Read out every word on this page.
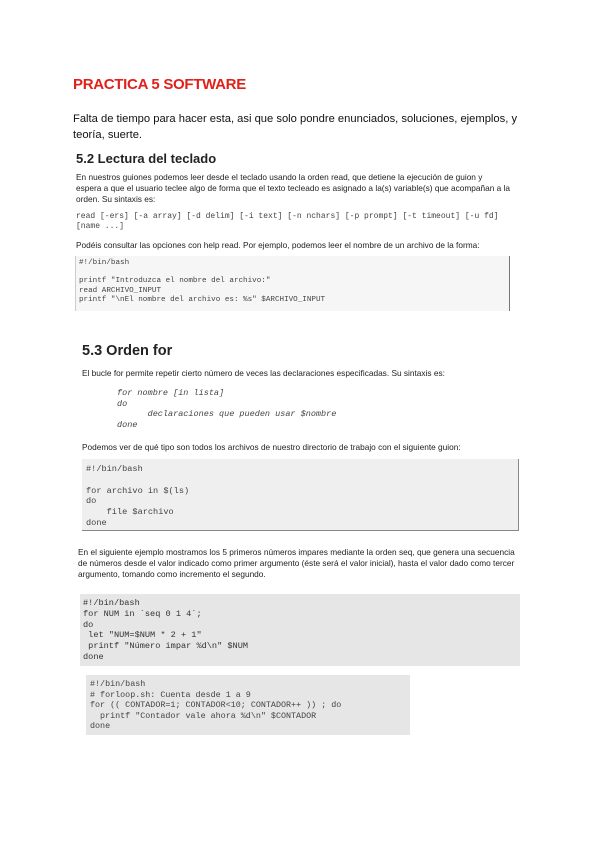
PRACTICA 5 SOFTWARE
Falta de tiempo para hacer esta, asi que solo pondre enunciados, soluciones, ejemplos, y teoría, suerte.
5.2 Lectura del teclado
En nuestros guiones podemos leer desde el teclado usando la orden read, que detiene la ejecución de guion y espera a que el usuario teclee algo de forma que el texto tecleado es asignado a la(s) variable(s) que acompañan a la orden. Su sintaxis es:
read [-ers] [-a array] [-d delim] [-i text] [-n nchars] [-p prompt] [-t timeout] [-u fd] [name ...]
Podéis consultar las opciones con help read. Por ejemplo, podemos leer el nombre de un archivo de la forma:
#!/bin/bash

printf "Introduzca el nombre del archivo:"
read ARCHIVO_INPUT
printf "\nEl nombre del archivo es: %s" $ARCHIVO_INPUT
5.3 Orden for
El bucle for permite repetir cierto número de veces las declaraciones especificadas. Su sintaxis es:
for nombre [in lista]
do
declaraciones que pueden usar $nombre
done
Podemos ver de qué tipo son todos los archivos de nuestro directorio de trabajo con el siguiente guion:
#!/bin/bash

for archivo in $(ls)
do
file $archivo
done
En el siguiente ejemplo mostramos los 5 primeros números impares mediante la orden seq, que genera una secuencia de números desde el valor indicado como primer argumento (éste será el valor inicial), hasta el valor dado como tercer argumento, tomando como incremento el segundo.
#!/bin/bash
for NUM in `seq 0 1 4`;
do
let "NUM=$NUM * 2 + 1"
printf "Número impar %d\n" $NUM
done
#!/bin/bash
# forloop.sh: Cuenta desde 1 a 9
for (( CONTADOR=1; CONTADOR<10; CONTADOR++ )) ; do
printf "Contador vale ahora %d\n" $CONTADOR
done
